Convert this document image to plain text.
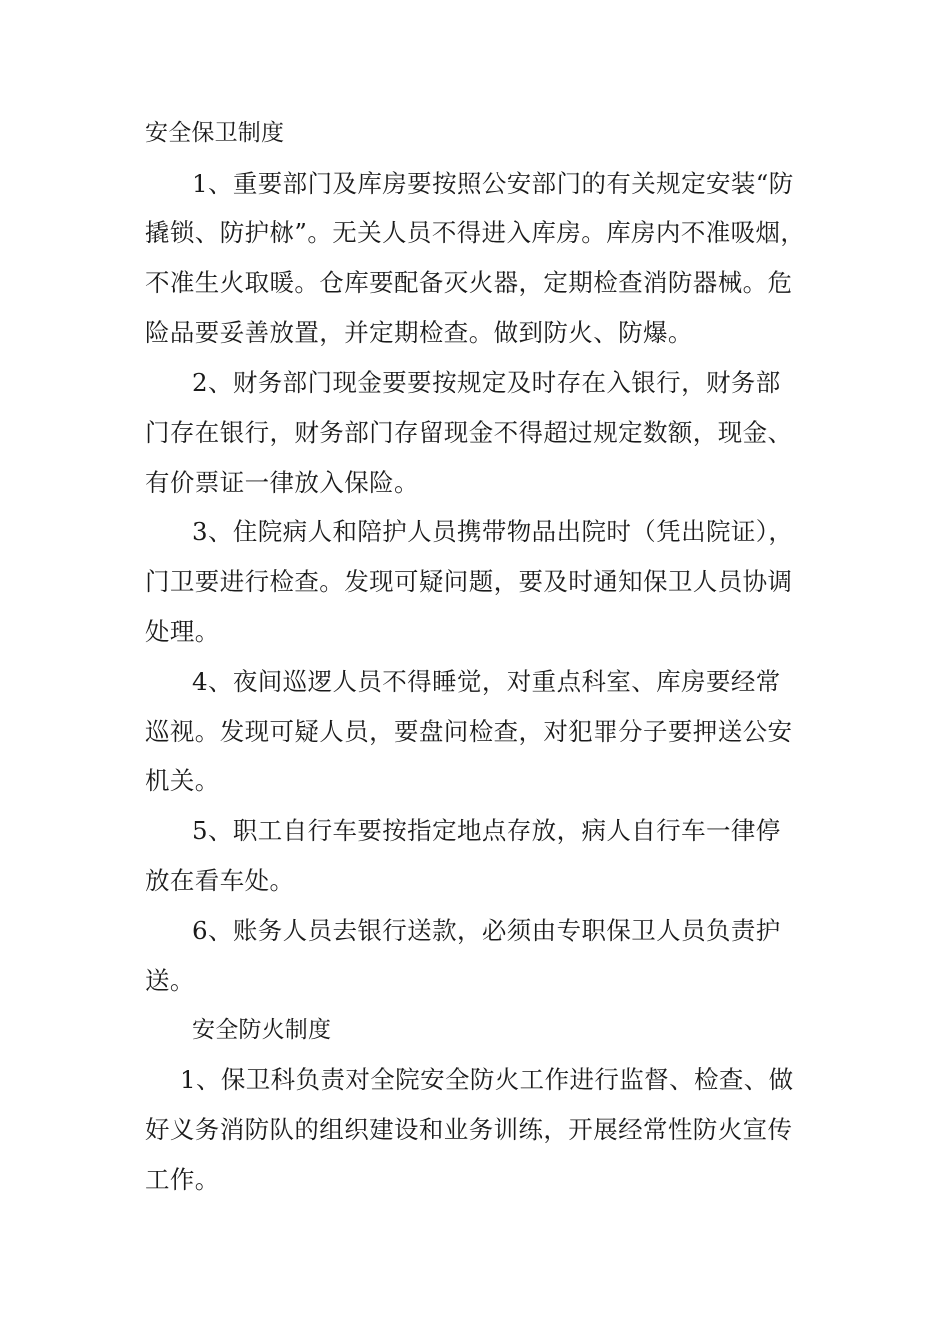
安全保卫制度
1、重要部门及库房要按照公安部门的有关规定安装“防
撬锁、防护栤”。无关人员不得进入库房。库房内不准吸烟，
不准生火取暖。仓库要配备灭火器，定期检查消防器械。危
险品要妥善放置，并定期检查。做到防火、防爆。
2、财务部门现金要要按规定及时存在入银行，财务部
门存在银行，财务部门存留现金不得超过规定数额，现金、
有价票证一律放入保险。
3、住院病人和陪护人员携带物品出院时（凭出院证），
门卫要进行检查。发现可疑问题，要及时通知保卫人员协调
处理。
4、夜间巡逻人员不得睡觉，对重点科室、库房要经常
巡视。发现可疑人员，要盘问检查，对犯罪分子要押送公安
机关。
5、职工自行车要按指定地点存放，病人自行车一律停
放在看车处。
6、账务人员去银行送款，必须由专职保卫人员负责护
送。
安全防火制度
1、保卫科负责对全院安全防火工作进行监督、检查、做
好义务消防队的组织建设和业务训练，开展经常性防火宣传
工作。
